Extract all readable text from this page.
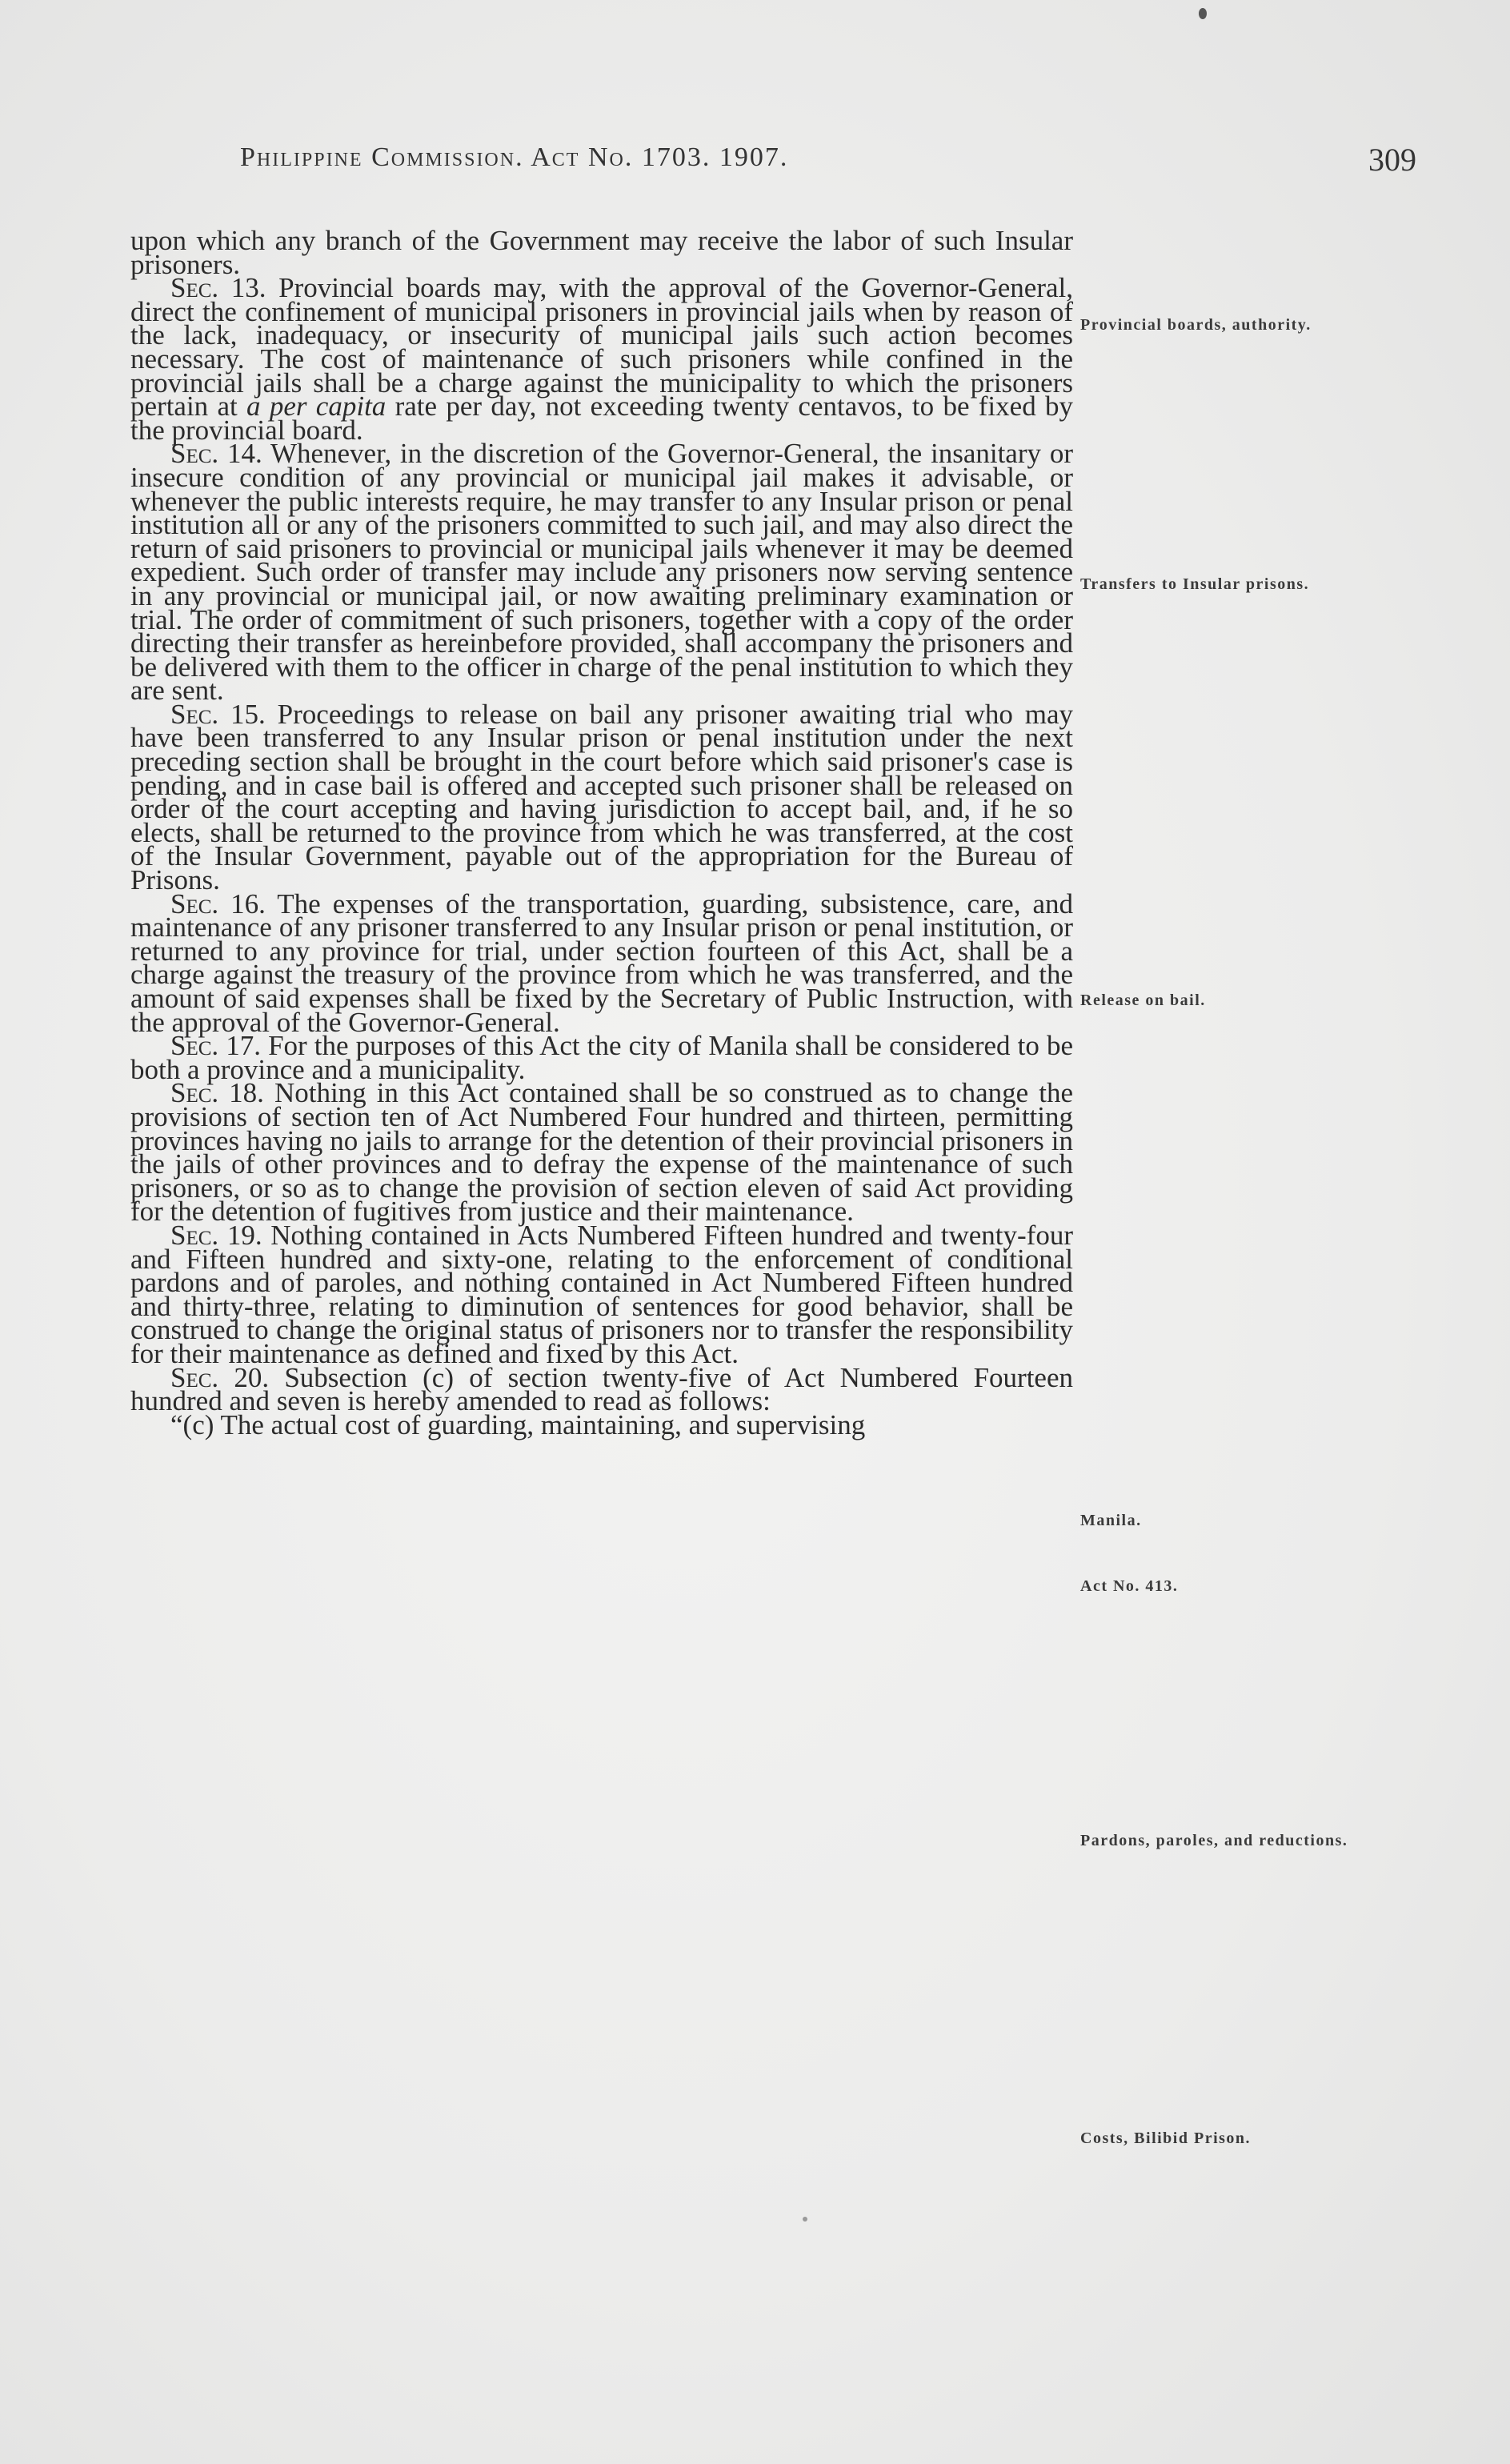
Philippine Commission. Act No. 1703. 1907.	309

upon which any branch of the Government may receive the labor of such Insular prisoners.

Sec. 13. Provincial boards may, with the approval of the Governor-General, direct the confinement of municipal prisoners in provincial jails when by reason of the lack, inadequacy, or insecurity of municipal jails such action becomes necessary. The cost of maintenance of such prisoners while confined in the provincial jails shall be a charge against the municipality to which the prisoners pertain at a per capita rate per day, not exceeding twenty centavos, to be fixed by the provincial board.

Sec. 14. Whenever, in the discretion of the Governor-General, the insanitary or insecure condition of any provincial or municipal jail makes it advisable, or whenever the public interests require, he may transfer to any Insular prison or penal institution all or any of the prisoners committed to such jail, and may also direct the return of said prisoners to provincial or municipal jails whenever it may be deemed expedient. Such order of transfer may include any prisoners now serving sentence in any provincial or municipal jail, or now awaiting preliminary examination or trial. The order of commitment of such prisoners, together with a copy of the order directing their transfer as hereinbefore provided, shall accompany the prisoners and be delivered with them to the officer in charge of the penal institution to which they are sent.

Sec. 15. Proceedings to release on bail any prisoner awaiting trial who may have been transferred to any Insular prison or penal institution under the next preceding section shall be brought in the court before which said prisoner's case is pending, and in case bail is offered and accepted such prisoner shall be released on order of the court accepting and having jurisdiction to accept bail, and, if he so elects, shall be returned to the province from which he was transferred, at the cost of the Insular Government, payable out of the appropriation for the Bureau of Prisons.

Sec. 16. The expenses of the transportation, guarding, subsistence, care, and maintenance of any prisoner transferred to any Insular prison or penal institution, or returned to any province for trial, under section fourteen of this Act, shall be a charge against the treasury of the province from which he was transferred, and the amount of said expenses shall be fixed by the Secretary of Public Instruction, with the approval of the Governor-General.

Sec. 17. For the purposes of this Act the city of Manila shall be considered to be both a province and a municipality.

Sec. 18. Nothing in this Act contained shall be so construed as to change the provisions of section ten of Act Numbered Four hundred and thirteen, permitting provinces having no jails to arrange for the detention of their provincial prisoners in the jails of other provinces and to defray the expense of the maintenance of such prisoners, or so as to change the provision of section eleven of said Act providing for the detention of fugitives from justice and their maintenance.

Sec. 19. Nothing contained in Acts Numbered Fifteen hundred and twenty-four and Fifteen hundred and sixty-one, relating to the enforcement of conditional pardons and of paroles, and nothing contained in Act Numbered Fifteen hundred and thirty-three, relating to diminution of sentences for good behavior, shall be construed to change the original status of prisoners nor to transfer the responsibility for their maintenance as defined and fixed by this Act.

Sec. 20. Subsection (c) of section twenty-five of Act Numbered Fourteen hundred and seven is hereby amended to read as follows:

“(c) The actual cost of guarding, maintaining, and supervising

Provincial boards, authority.
Transfers to Insular prisons.
Release on bail.
Manila.
Act No. 413.
Pardons, paroles, and reductions.
Costs, Bilibid Prison.
